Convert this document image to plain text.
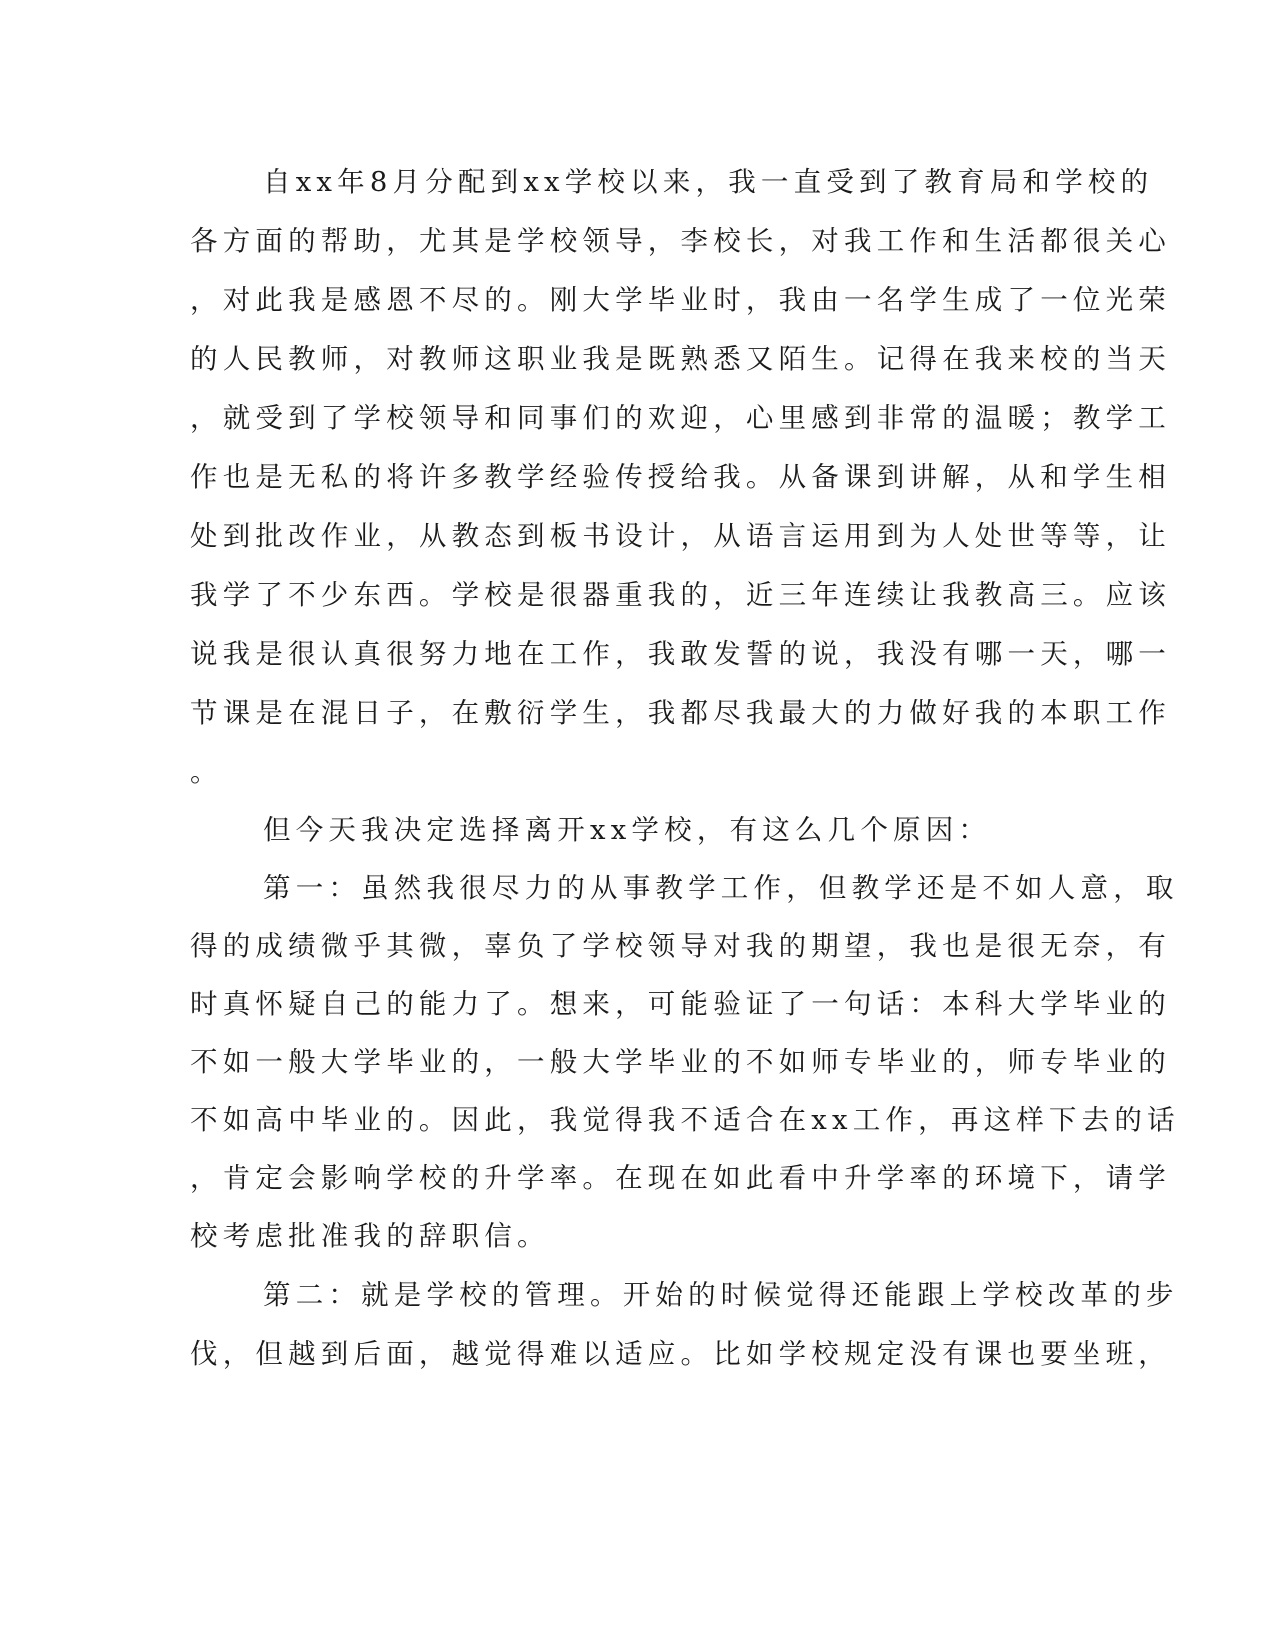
自xx年8月分配到xx学校以来，我一直受到了教育局和学校的
各方面的帮助，尤其是学校领导，李校长，对我工作和生活都很关心
，对此我是感恩不尽的。刚大学毕业时，我由一名学生成了一位光荣
的人民教师，对教师这职业我是既熟悉又陌生。记得在我来校的当天
，就受到了学校领导和同事们的欢迎，心里感到非常的温暖；教学工
作也是无私的将许多教学经验传授给我。从备课到讲解，从和学生相
处到批改作业，从教态到板书设计，从语言运用到为人处世等等，让
我学了不少东西。学校是很器重我的，近三年连续让我教高三。应该
说我是很认真很努力地在工作，我敢发誓的说，我没有哪一天，哪一
节课是在混日子，在敷衍学生，我都尽我最大的力做好我的本职工作
。
但今天我决定选择离开xx学校，有这么几个原因：
第一：虽然我很尽力的从事教学工作，但教学还是不如人意，取
得的成绩微乎其微，辜负了学校领导对我的期望，我也是很无奈，有
时真怀疑自己的能力了。想来，可能验证了一句话：本科大学毕业的
不如一般大学毕业的，一般大学毕业的不如师专毕业的，师专毕业的
不如高中毕业的。因此，我觉得我不适合在xx工作，再这样下去的话
，肯定会影响学校的升学率。在现在如此看中升学率的环境下，请学
校考虑批准我的辞职信。
第二：就是学校的管理。开始的时候觉得还能跟上学校改革的步
伐，但越到后面，越觉得难以适应。比如学校规定没有课也要坐班，
